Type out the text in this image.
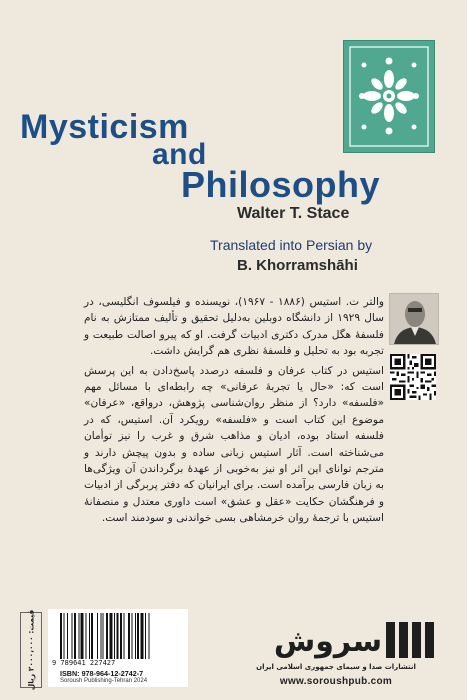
Mysticism
and
Philosophy
Walter T. Stace
Translated into Persian by
B. Khorramshāhi

والتر ت. استیس (۱۸۸۶ - ۱۹۶۷)، نویسنده و فیلسوف انگلیسی، در سال ۱۹۲۹ از دانشگاه دوبلین به‌دلیل تحقیق و تألیف ممتازش به نام فلسفهٔ هگل مدرک دکتری ادبیات گرفت. او که پیرو اصالت طبیعت و تجربه بود به تحلیل و فلسفهٔ نظری هم گرایش داشت.

استیس در کتاب عرفان و فلسفه درصدد پاسخ‌دادن به این پرسش است که: «حال یا تجربهٔ عرفانی» چه رابطه‌ای با مسائل مهم «فلسفه» دارد؟ از منظر روان‌شناسی پژوهش، درواقع، «عرفان» موضوع این کتاب است و «فلسفه» رویکرد آن. استیس، که در فلسفه استاد بوده، ادیان و مذاهب شرق و غرب را نیز توأمان می‌شناخته است. آثار استیس زبانی ساده و بدون پیچش دارند و مترجم توانای این اثر او نیز به‌خوبی از عهدهٔ برگرداندن آن ویژگی‌ها به زبان فارسی برآمده است. برای ایرانیان که دفتر پربرگی از ادبیات و فرهنگشان حکایت «عقل و عشق» است داوری معتدل و منصفانهٔ استیس با ترجمهٔ روان خرمشاهی بسی خواندنی و سودمند است.

قیمت: ۲۰۰۰،۰۰۰ ریال
9 789641 227427
ISBN: 978-964-12-2742-7
Soroush Publishing-Tehran 2024
سروش
انتشارات صدا و سیمای جمهوری اسلامی ایران
www.soroushpub.com
